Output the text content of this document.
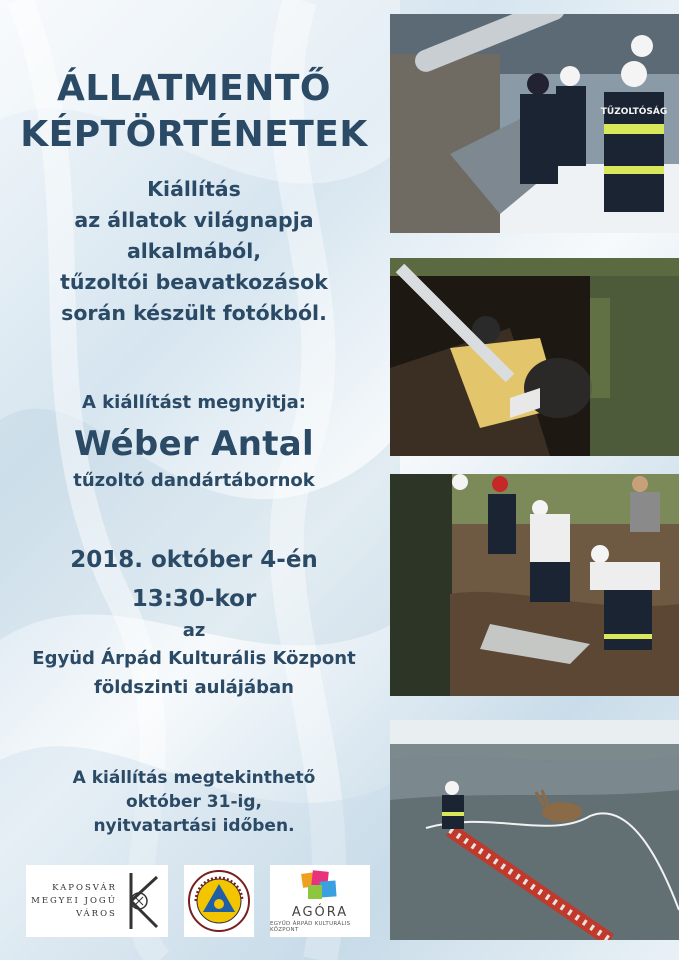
ÁLLATMENTŐ
KÉPTÖRTÉNETEK
Kiállítás
az állatok világnapja
alkalmából,
tűzoltói beavatkozások
során készült fotókból.
A kiállítást megnyitja:
Wéber Antal
tűzoltó dandártábornok
2018. október 4-én
13:30-kor
az
Együd Árpád Kulturális Központ
földszinti aulájában
A kiállítás megtekinthető
október 31-ig,
nyitvatartási időben.
KAPOSVÁR
MEGYEI JOGÚ
VÁROS	AGÓRA
EGYÜD ÁRPÁD KULTURÁLIS KÖZPONT
TŰZOLTÓSÁG
